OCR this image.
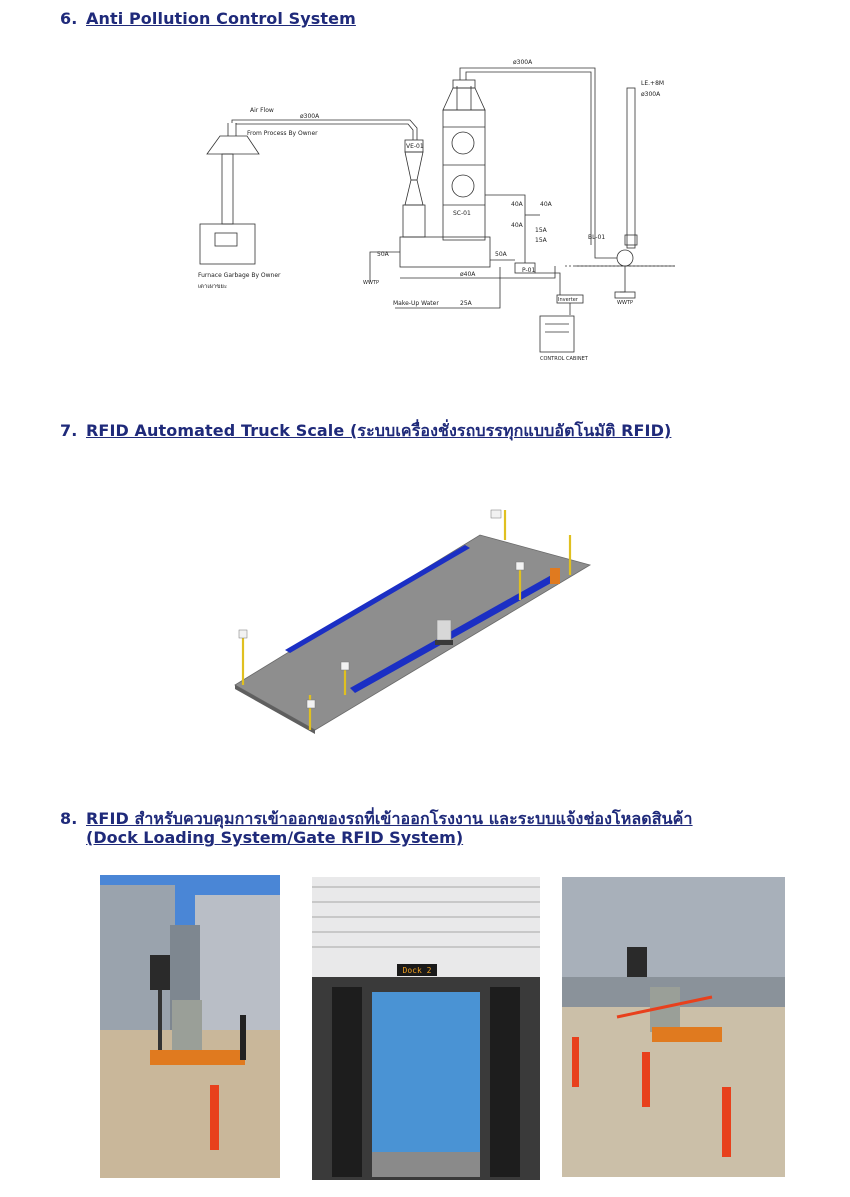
6. Anti Pollution Control System
Air Flow
ø300A
From Process By Owner
ø300A
LE.+8M
ø300A
VE-01
SC-01
BL-01
P-01
Furnace Garbage By Owner
เตาเผาขยะ
50A	50A
40A
40A
40A
15A
15A
ø40A
Make-Up Water	25A
WWTP
WWTP
Inverter
CONTROL CABINET
7. RFID Automated Truck Scale (ระบบเครื่องชั่งรถบรรทุกแบบอัตโนมัติ RFID)
8. RFID สำหรับควบคุมการเข้าออกของรถที่เข้าออกโรงงาน และระบบแจ้งช่องโหลดสินค้า
(Dock Loading System/Gate RFID System)
Dock 2
